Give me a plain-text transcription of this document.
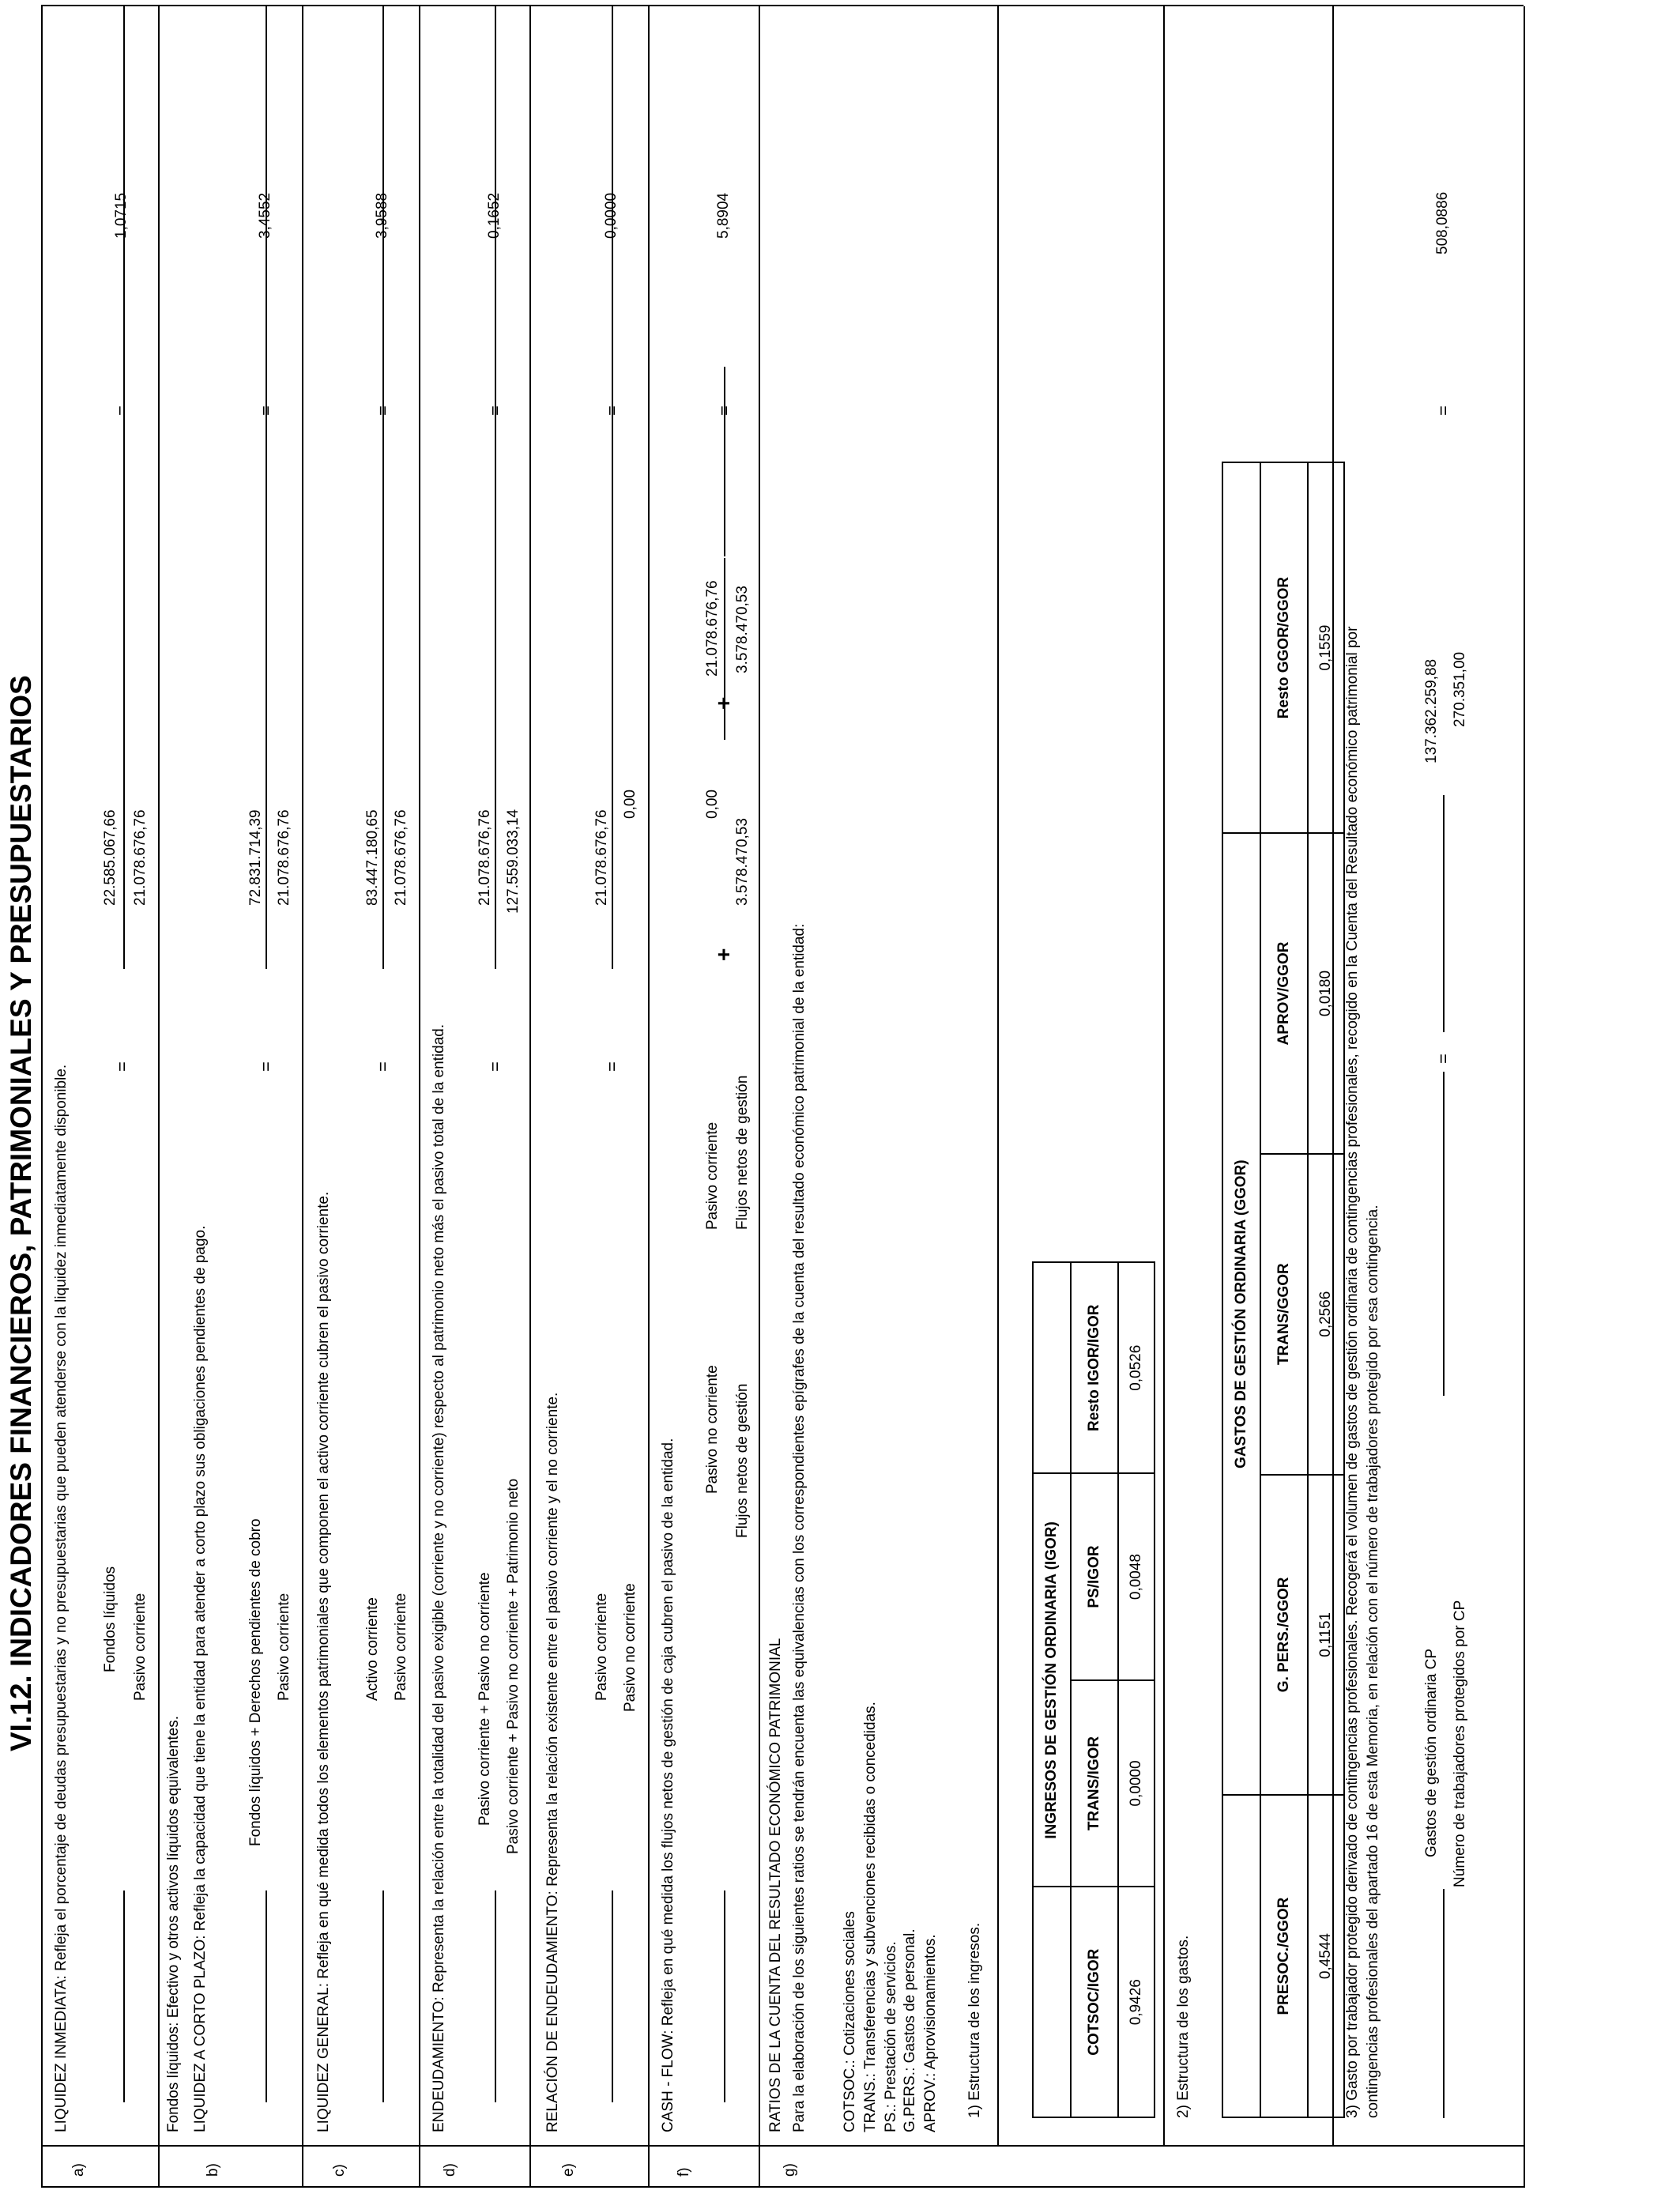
VI.12. INDICADORES FINANCIEROS, PATRIMONIALES Y PRESUPUESTARIOS
a)
LIQUIDEZ INMEDIATA: Refleja el porcentaje de deudas presupuestarias y no presupuestarias que pueden atenderse con la liquidez inmediatamente disponible. Fondos líquidos Pasivo corriente
=
22.585.067,66 21.078.676,76
=
1,0715
Fondos líquidos: Efectivo y otros activos líquidos equivalentes.
b)
LIQUIDEZ A CORTO PLAZO: Refleja la capacidad que tiene la entidad para atender a corto plazo sus obligaciones pendientes de pago.	Fondos líquidos + Derechos pendientes de cobro Pasivo corriente
=
72.831.714,39 21.078.676,76
=
3,4552
c)
LIQUIDEZ GENERAL: Refleja en qué medida todos los elementos patrimoniales que componen el activo corriente cubren el pasivo corriente. Activo corriente Pasivo corriente
=
83.447.180,65 21.078.676,76
=
3,9588
d)
ENDEUDAMIENTO: Representa la relación entre la totalidad del pasivo exigible (corriente y no corriente) respecto al patrimonio neto más el pasivo total de la entidad. Pasivo corriente + Pasivo no corriente Pasivo corriente + Pasivo no corriente + Patrimonio neto
=
21.078.676,76 127.559.033,14
=
0,1652
e)
RELACIÓN DE ENDEUDAMIENTO: Representa la relación existente entre el pasivo corriente y el no corriente. Pasivo corriente Pasivo no corriente
=
21.078.676,76
0,00
=
0,0000
f)
CASH - FLOW: Refleja en qué medida los flujos netos de gestión de caja cubren el pasivo de la entidad.
Pasivo no corriente Flujos netos de gestión
+
Pasivo corriente Flujos netos de gestión
0,00
3.578.470,53
+
21.078.676,76 3.578.470,53
=
5,8904
g)
RATIOS DE LA CUENTA DEL RESULTADO ECONÓMICO PATRIMONIAL Para la elaboración de los siguientes ratios se tendrán encuenta las equivalencias con los correspondientes epígrafes de la cuenta del resultado económico patrimonial de la entidad: COTSOC.: Cotizaciones sociales TRANS.: Transferencias y subvenciones recibidas o concedidas. PS.: Prestación de servicios. G.PERS.: Gastos de personal. APROV.: Aprovisionamientos. 1) Estructura de los ingresos.
	INGRESOS DE GESTIÓN ORDINARIA (IGOR)		
COTSOC/IGOR	TRANS/IGOR	PS/IGOR	Resto IGOR/IGOR
0,9426	0,0000	0,0048	0,0526
2) Estructura de los gastos.
	GASTOS DE GESTIÓN ORDINARIA (GGOR)			
PRESOC./GGOR	G. PERS./GGOR	TRANS/GGOR	APROV/GGOR	Resto GGOR/GGOR
0,4544	0,1151	0,2566	0,0180	0,1559 3) Gasto por trabajador protegido derivado de contingencias profesionales. Recogerá el volumen de gastos de gestión ordinaria de contingencias profesionales, recogido en la Cuenta del Resultado económico patrimonial por contingencias profesionales del apartado 16 de esta Memoria, en relación con el número de trabajadores protegido por esa contingencia.	Gastos de gestión ordinaria CP Número de trabajadores protegidos por CP
=
137.362.259,88 270.351,00
=
508,0886
